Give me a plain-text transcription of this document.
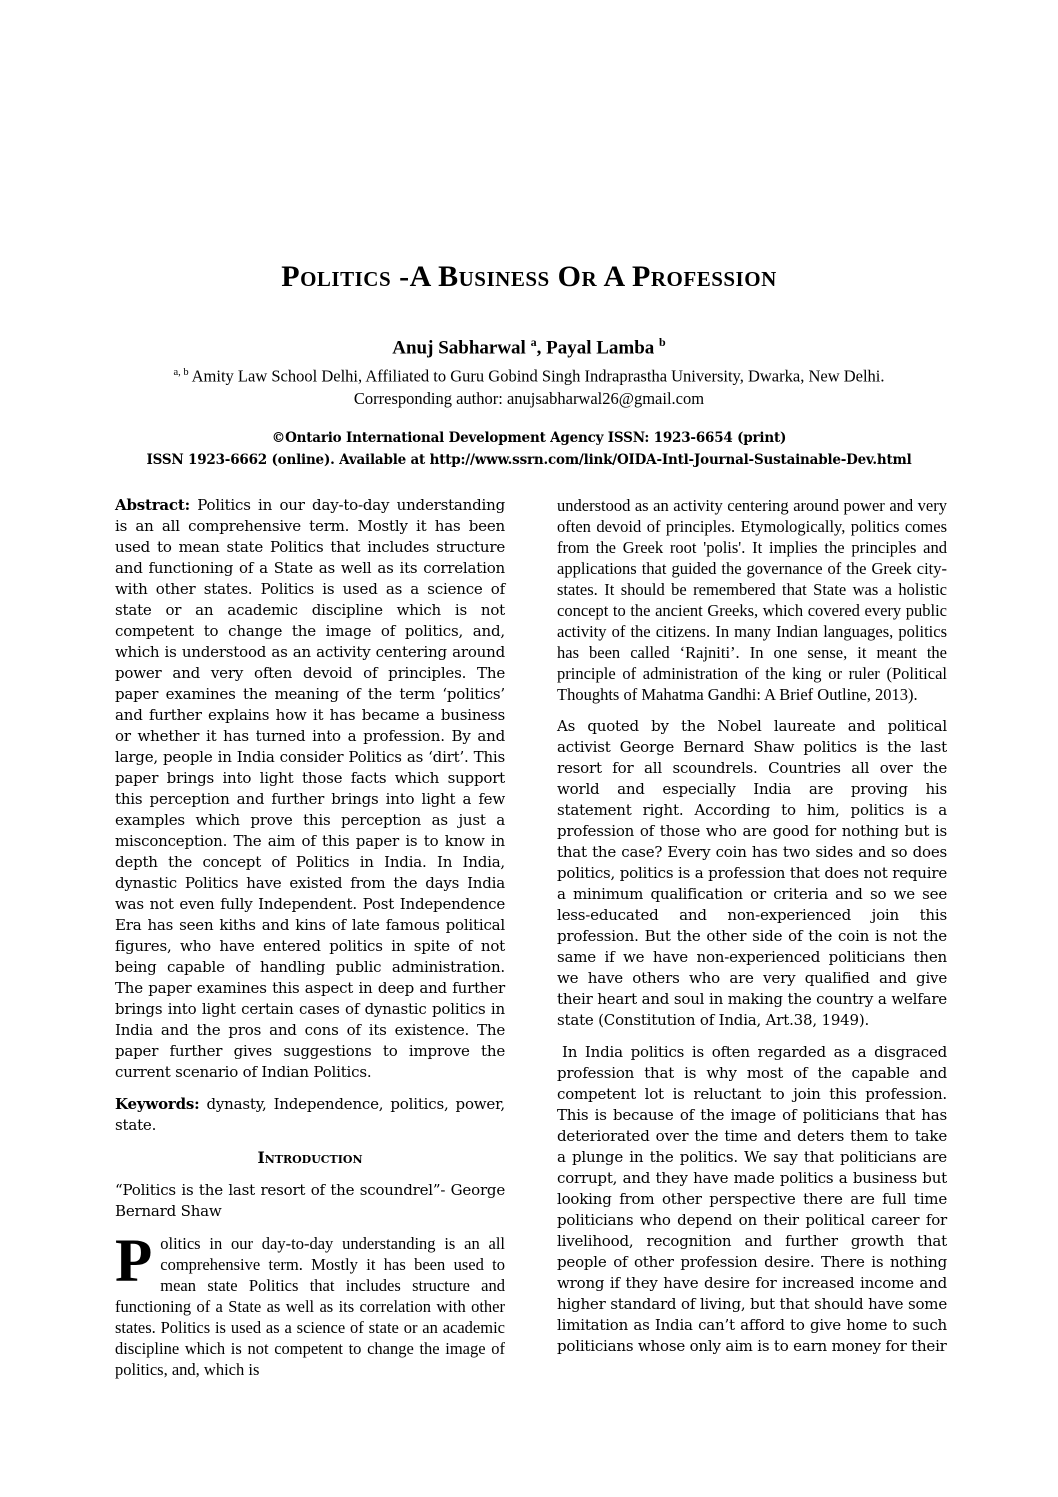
Politics -A Business Or A Profession
Anuj Sabharwal $^a$, Payal Lamba $^b$
$^{a, b}$ Amity Law School Delhi, Affiliated to Guru Gobind Singh Indraprastha University, Dwarka, New Delhi.
Corresponding author: anujsabharwal26@gmail.com
©Ontario International Development Agency ISSN: 1923-6654 (print)
ISSN 1923-6662 (online). Available at http://www.ssrn.com/link/OIDA-Intl-Journal-Sustainable-Dev.html

Abstract: Politics in our day-to-day understanding is an all comprehensive term. Mostly it has been used to mean state Politics that includes structure and functioning of a State as well as its correlation with other states. Politics is used as a science of state or an academic discipline which is not competent to change the image of politics, and, which is understood as an activity centering around power and very often devoid of principles. The paper examines the meaning of the term ‘politics’ and further explains how it has became a business or whether it has turned into a profession. By and large, people in India consider Politics as ‘dirt’. This paper brings into light those facts which support this perception and further brings into light a few examples which prove this perception as just a misconception. The aim of this paper is to know in depth the concept of Politics in India. In India, dynastic Politics have existed from the days India was not even fully Independent. Post Independence Era has seen kiths and kins of late famous political figures, who have entered politics in spite of not being capable of handling public administration. The paper examines this aspect in deep and further brings into light certain cases of dynastic politics in India and the pros and cons of its existence. The paper further gives suggestions to improve the current scenario of Indian Politics.

Keywords: dynasty, Independence, politics, power, state.

Introduction

“Politics is the last resort of the scoundrel”- George Bernard Shaw

Politics in our day-to-day understanding is an all comprehensive term. Mostly it has been used to mean state Politics that includes structure and functioning of a State as well as its correlation with other states. Politics is used as a science of state or an academic discipline which is not competent to change the image of politics, and, which is

understood as an activity centering around power and very often devoid of principles. Etymologically, politics comes from the Greek root 'polis'. It implies the principles and applications that guided the governance of the Greek city-states. It should be remembered that State was a holistic concept to the ancient Greeks, which covered every public activity of the citizens. In many Indian languages, politics has been called ‘Rajniti’. In one sense, it meant the principle of administration of the king or ruler (Political Thoughts of Mahatma Gandhi: A Brief Outline, 2013).

As quoted by the Nobel laureate and political activist George Bernard Shaw politics is the last resort for all scoundrels. Countries all over the world and especially India are proving his statement right. According to him, politics is a profession of those who are good for nothing but is that the case? Every coin has two sides and so does politics, politics is a profession that does not require a minimum qualification or criteria and so we see less-educated and non-experienced join this profession. But the other side of the coin is not the same if we have non-experienced politicians then we have others who are very qualified and give their heart and soul in making the country a welfare state (Constitution of India, Art.38, 1949).

In India politics is often regarded as a disgraced profession that is why most of the capable and competent lot is reluctant to join this profession. This is because of the image of politicians that has deteriorated over the time and deters them to take a plunge in the politics. We say that politicians are corrupt, and they have made politics a business but looking from other perspective there are full time politicians who depend on their political career for livelihood, recognition and further growth that people of other profession desire. There is nothing wrong if they have desire for increased income and higher standard of living, but that should have some limitation as India can’t afford to give home to such politicians whose only aim is to earn money for their
